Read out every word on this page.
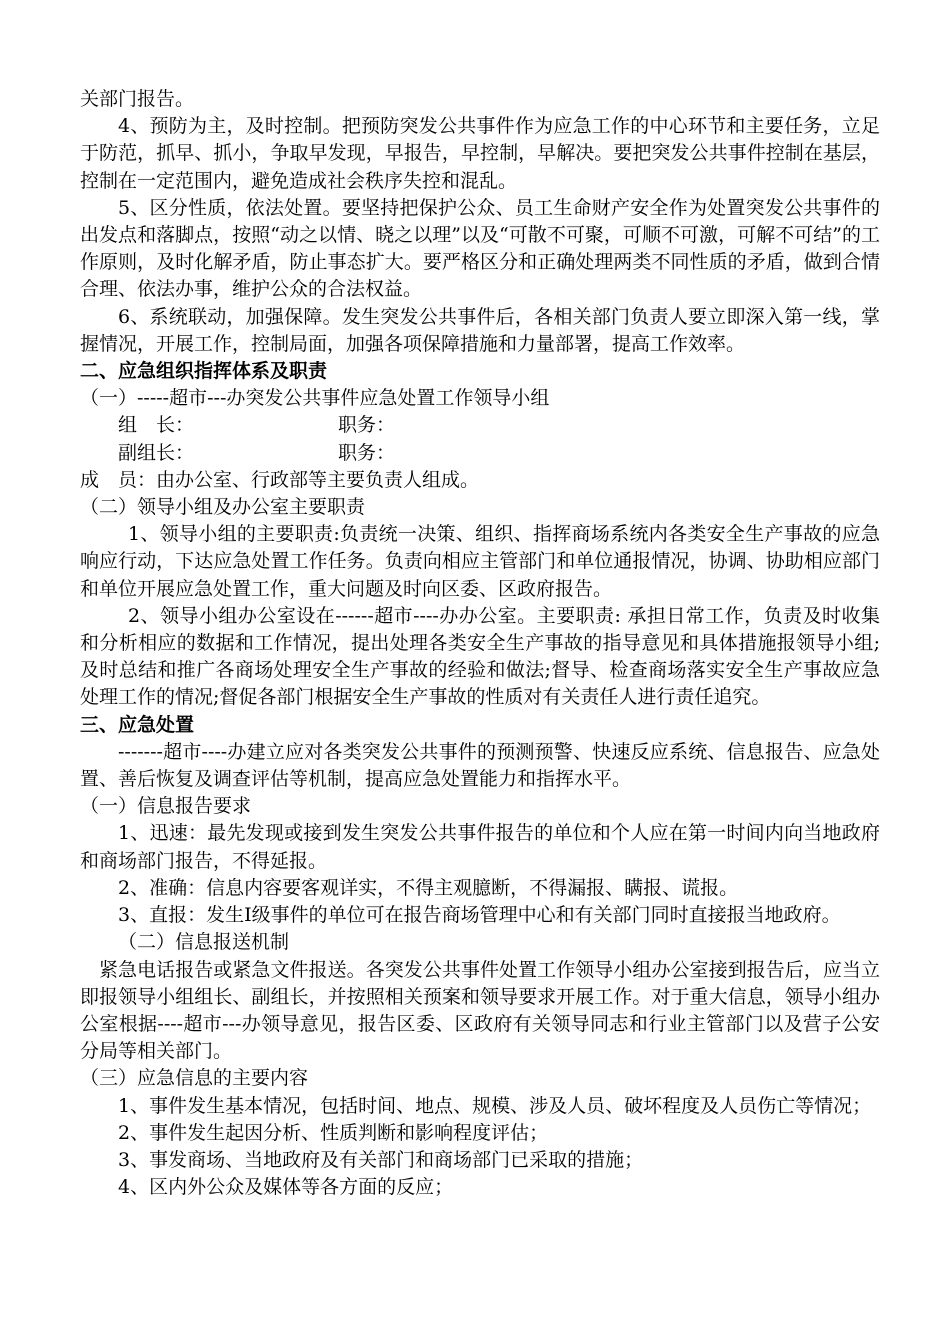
关部门报告。

4、预防为主，及时控制。把预防突发公共事件作为应急工作的中心环节和主要任务，立足于防范，抓早、抓小，争取早发现，早报告，早控制，早解决。要把突发公共事件控制在基层，控制在一定范围内，避免造成社会秩序失控和混乱。

5、区分性质，依法处置。要坚持把保护公众、员工生命财产安全作为处置突发公共事件的出发点和落脚点，按照“动之以情、晓之以理”以及“可散不可聚，可顺不可激，可解不可结”的工作原则，及时化解矛盾，防止事态扩大。要严格区分和正确处理两类不同性质的矛盾，做到合情合理、依法办事，维护公众的合法权益。

6、系统联动，加强保障。发生突发公共事件后，各相关部门负责人要立即深入第一线，掌握情况，开展工作，控制局面，加强各项保障措施和力量部署，提高工作效率。

二、应急组织指挥体系及职责

（一）-----超市---办突发公共事件应急处置工作领导小组

组　长：	职务：
副组长：	职务：

成　员：由办公室、行政部等主要负责人组成。

（二）领导小组及办公室主要职责

1、领导小组的主要职责:负责统一决策、组织、指挥商场系统内各类安全生产事故的应急响应行动，下达应急处置工作任务。负责向相应主管部门和单位通报情况，协调、协助相应部门和单位开展应急处置工作，重大问题及时向区委、区政府报告。

2、领导小组办公室设在------超市----办办公室。主要职责: 承担日常工作，负责及时收集和分析相应的数据和工作情况，提出处理各类安全生产事故的指导意见和具体措施报领导小组;及时总结和推广各商场处理安全生产事故的经验和做法;督导、检查商场落实安全生产事故应急处理工作的情况;督促各部门根据安全生产事故的性质对有关责任人进行责任追究。

三、应急处置

-------超市----办建立应对各类突发公共事件的预测预警、快速反应系统、信息报告、应急处置、善后恢复及调查评估等机制，提高应急处置能力和指挥水平。

（一）信息报告要求

1、迅速：最先发现或接到发生突发公共事件报告的单位和个人应在第一时间内向当地政府和商场部门报告，不得延报。

2、准确：信息内容要客观详实，不得主观臆断，不得漏报、瞒报、谎报。

3、直报：发生Ⅰ级事件的单位可在报告商场管理中心和有关部门同时直接报当地政府。

（二）信息报送机制

紧急电话报告或紧急文件报送。各突发公共事件处置工作领导小组办公室接到报告后，应当立即报领导小组组长、副组长，并按照相关预案和领导要求开展工作。对于重大信息，领导小组办公室根据----超市---办领导意见，报告区委、区政府有关领导同志和行业主管部门以及营子公安分局等相关部门。

（三）应急信息的主要内容

1、事件发生基本情况，包括时间、地点、规模、涉及人员、破坏程度及人员伤亡等情况；

2、事件发生起因分析、性质判断和影响程度评估；

3、事发商场、当地政府及有关部门和商场部门已采取的措施；

4、区内外公众及媒体等各方面的反应；
